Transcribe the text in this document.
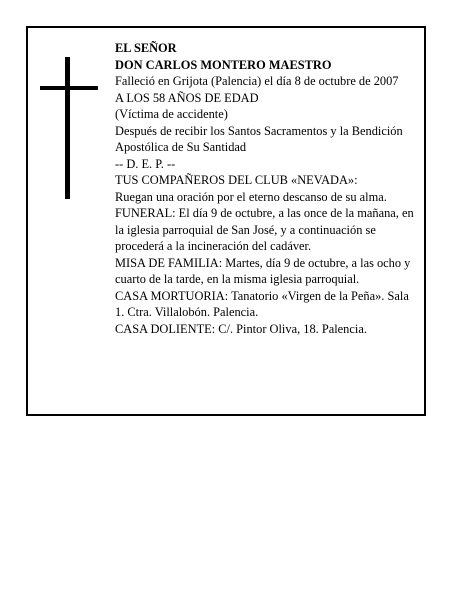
EL SEÑOR
DON CARLOS MONTERO MAESTRO
Falleció en Grijota (Palencia) el día 8 de octubre de 2007
A LOS 58 AÑOS DE EDAD
(Víctima de accidente)
Después de recibir los Santos Sacramentos y la Bendición Apostólica de Su Santidad
-- D. E. P. --
TUS COMPAÑEROS DEL CLUB «NEVADA»:
Ruegan una oración por el eterno descanso de su alma.
FUNERAL: El día 9 de octubre, a las once de la mañana, en la iglesia parroquial de San José, y a continuación se procederá a la incineración del cadáver.
MISA DE FAMILIA: Martes, día 9 de octubre, a las ocho y cuarto de la tarde, en la misma iglesia parroquial.
CASA MORTUORIA: Tanatorio «Virgen de la Peña». Sala 1. Ctra. Villalobón. Palencia.
CASA DOLIENTE: C/. Pintor Oliva, 18. Palencia.
